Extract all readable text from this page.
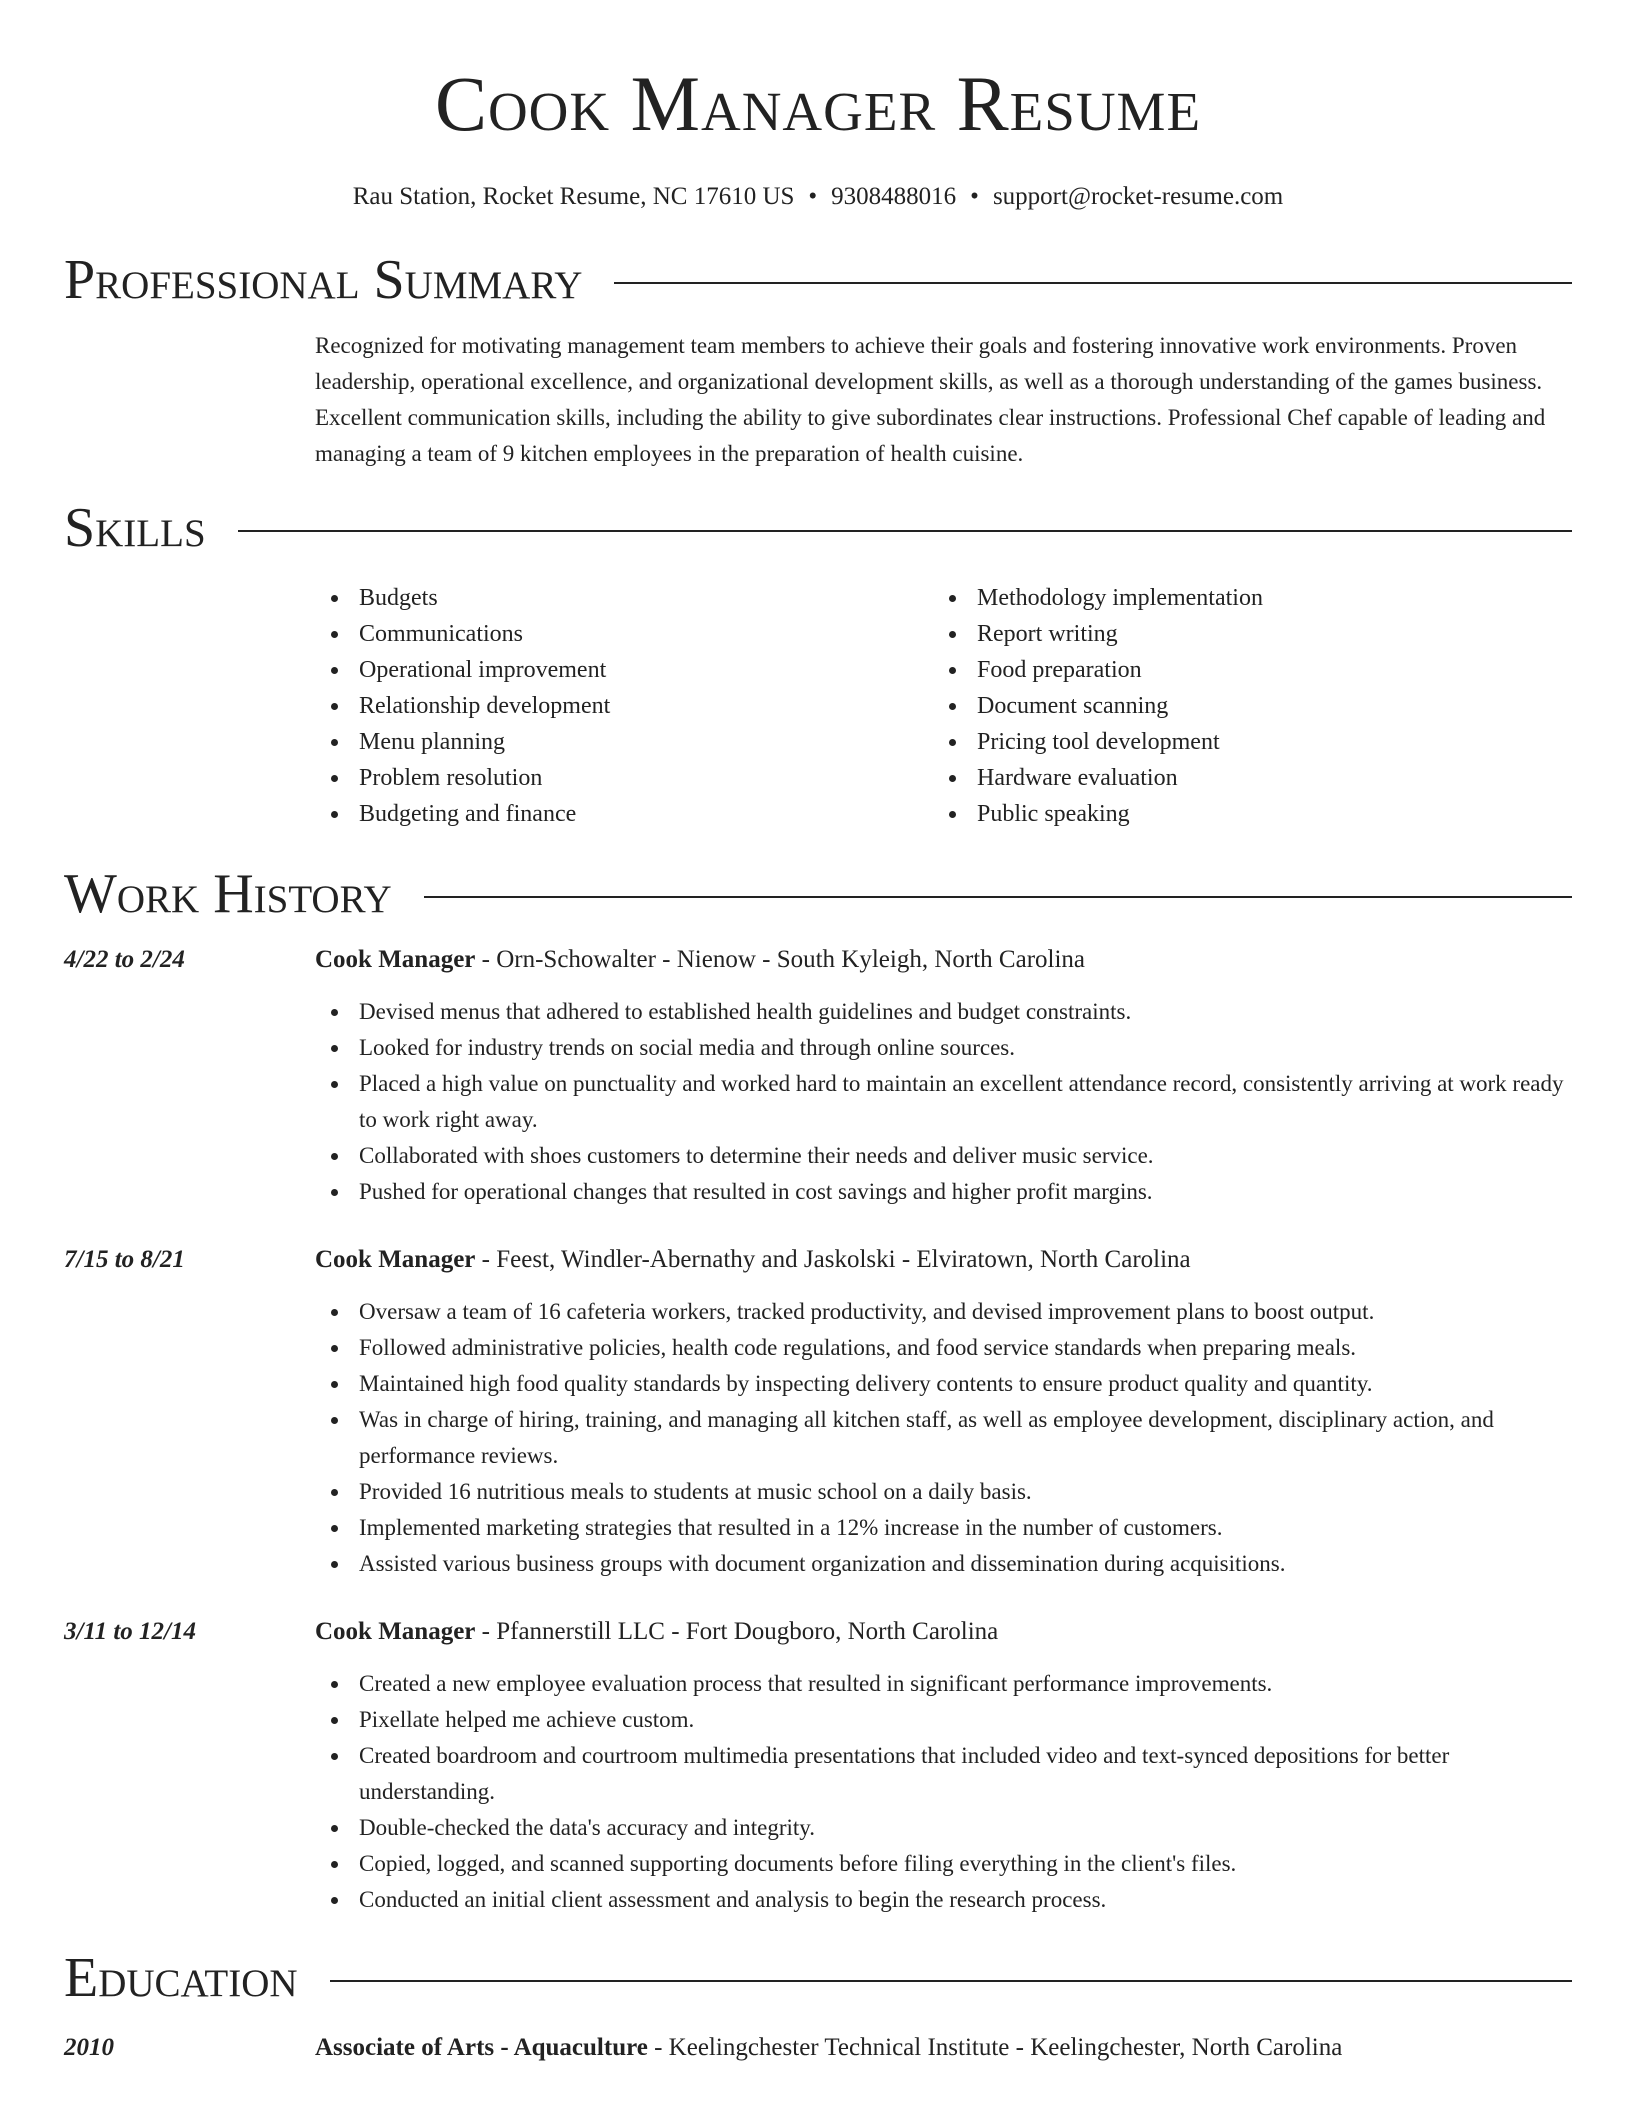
Cook Manager Resume
Rau Station, Rocket Resume, NC 17610 US • 9308488016 • support@rocket-resume.com
Professional Summary

Recognized for motivating management team members to achieve their goals and fostering innovative work environments. Proven leadership, operational excellence, and organizational development skills, as well as a thorough understanding of the games business. Excellent communication skills, including the ability to give subordinates clear instructions. Professional Chef capable of leading and managing a team of 9 kitchen employees in the preparation of health cuisine.

Skills
Budgets
Communications
Operational improvement
Relationship development
Menu planning
Problem resolution
Budgeting and finance
Methodology implementation
Report writing
Food preparation
Document scanning
Pricing tool development
Hardware evaluation
Public speaking
Work History
4/22 to 2/24	Cook Manager - Orn-Schowalter - Nienow - South Kyleigh, North Carolina
Devised menus that adhered to established health guidelines and budget constraints.
Looked for industry trends on social media and through online sources.
Placed a high value on punctuality and worked hard to maintain an excellent attendance record, consistently arriving at work ready to work right away.
Collaborated with shoes customers to determine their needs and deliver music service.
Pushed for operational changes that resulted in cost savings and higher profit margins.
7/15 to 8/21	Cook Manager - Feest, Windler-Abernathy and Jaskolski - Elviratown, North Carolina
Oversaw a team of 16 cafeteria workers, tracked productivity, and devised improvement plans to boost output.
Followed administrative policies, health code regulations, and food service standards when preparing meals.
Maintained high food quality standards by inspecting delivery contents to ensure product quality and quantity.
Was in charge of hiring, training, and managing all kitchen staff, as well as employee development, disciplinary action, and performance reviews.
Provided 16 nutritious meals to students at music school on a daily basis.
Implemented marketing strategies that resulted in a 12% increase in the number of customers.
Assisted various business groups with document organization and dissemination during acquisitions.
3/11 to 12/14	Cook Manager - Pfannerstill LLC - Fort Dougboro, North Carolina
Created a new employee evaluation process that resulted in significant performance improvements.
Pixellate helped me achieve custom.
Created boardroom and courtroom multimedia presentations that included video and text-synced depositions for better understanding.
Double-checked the data's accuracy and integrity.
Copied, logged, and scanned supporting documents before filing everything in the client's files.
Conducted an initial client assessment and analysis to begin the research process.
Education
2010	Associate of Arts - Aquaculture - Keelingchester Technical Institute - Keelingchester, North Carolina
